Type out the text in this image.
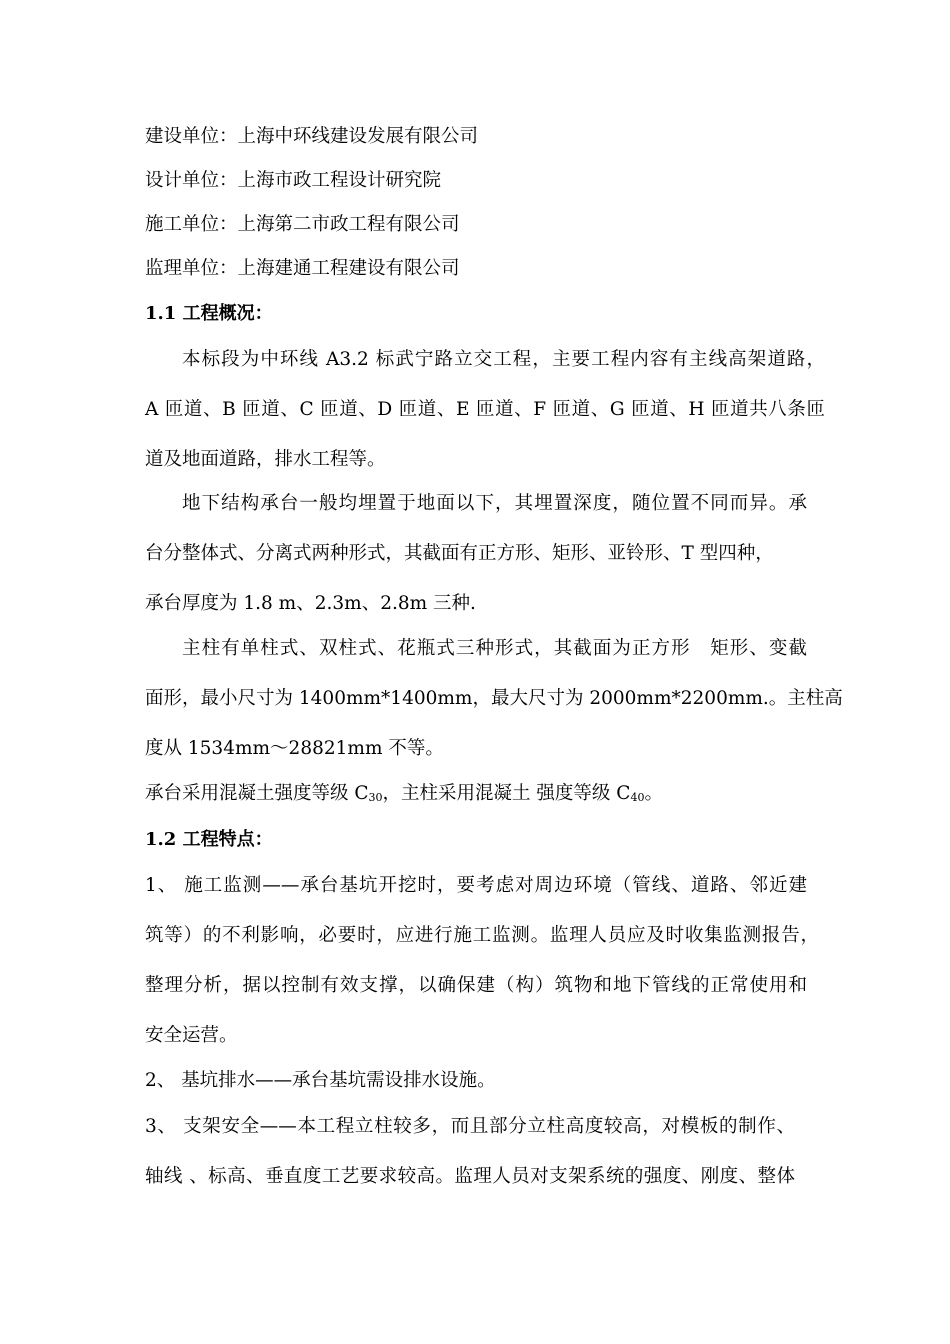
建设单位：上海中环线建设发展有限公司
设计单位：上海市政工程设计研究院
施工单位：上海第二市政工程有限公司
监理单位：上海建通工程建设有限公司
1.1 工程概况：
本标段为中环线 A3.2 标武宁路立交工程，主要工程内容有主线高架道路，
A 匝道、B 匝道、C 匝道、D 匝道、E 匝道、F 匝道、G 匝道、H 匝道共八条匝
道及地面道路，排水工程等。
地下结构承台一般均埋置于地面以下，其埋置深度，随位置不同而异。承
台分整体式、分离式两种形式，其截面有正方形、矩形、亚铃形、T 型四种，
承台厚度为 1.8 m、2.3m、2.8m 三种.
主柱有单柱式、双柱式、花瓶式三种形式，其截面为正方形　矩形、变截
面形，最小尺寸为 1400mm*1400mm，最大尺寸为 2000mm*2200mm.。主柱高
度从 1534mm～28821mm 不等。
承台采用混凝土强度等级 C30，主柱采用混凝土 强度等级 C40。
1.2 工程特点：
1、 施工监测——承台基坑开挖时，要考虑对周边环境（管线、道路、邻近建
筑等）的不利影响，必要时，应进行施工监测。监理人员应及时收集监测报告，
整理分析，据以控制有效支撑，以确保建（构）筑物和地下管线的正常使用和
安全运营。
2、 基坑排水——承台基坑需设排水设施。
3、 支架安全——本工程立柱较多，而且部分立柱高度较高，对模板的制作、
轴线 、标高、垂直度工艺要求较高。监理人员对支架系统的强度、刚度、整体
